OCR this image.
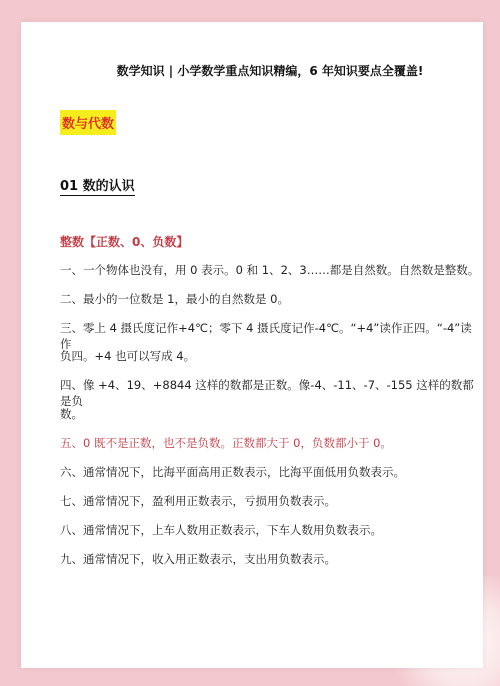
数学知识 | 小学数学重点知识精编，6 年知识要点全覆盖!
数与代数
01 数的认识
整数【正数、0、负数】
一、一个物体也没有，用 0 表示。0 和 1、2、3……都是自然数。自然数是整数。
二、最小的一位数是 1，最小的自然数是 0。
三、零上 4 摄氏度记作+4℃；零下 4 摄氏度记作-4℃。“+4”读作正四。“-4”读作
负四。+4 也可以写成 4。
四、像 +4、19、+8844 这样的数都是正数。像-4、-11、-7、-155 这样的数都是负
数。
五、0 既不是正数，也不是负数。正数都大于 0，负数都小于 0。
六、通常情况下，比海平面高用正数表示，比海平面低用负数表示。
七、通常情况下，盈利用正数表示，亏损用负数表示。
八、通常情况下，上车人数用正数表示，下车人数用负数表示。
九、通常情况下，收入用正数表示，支出用负数表示。
